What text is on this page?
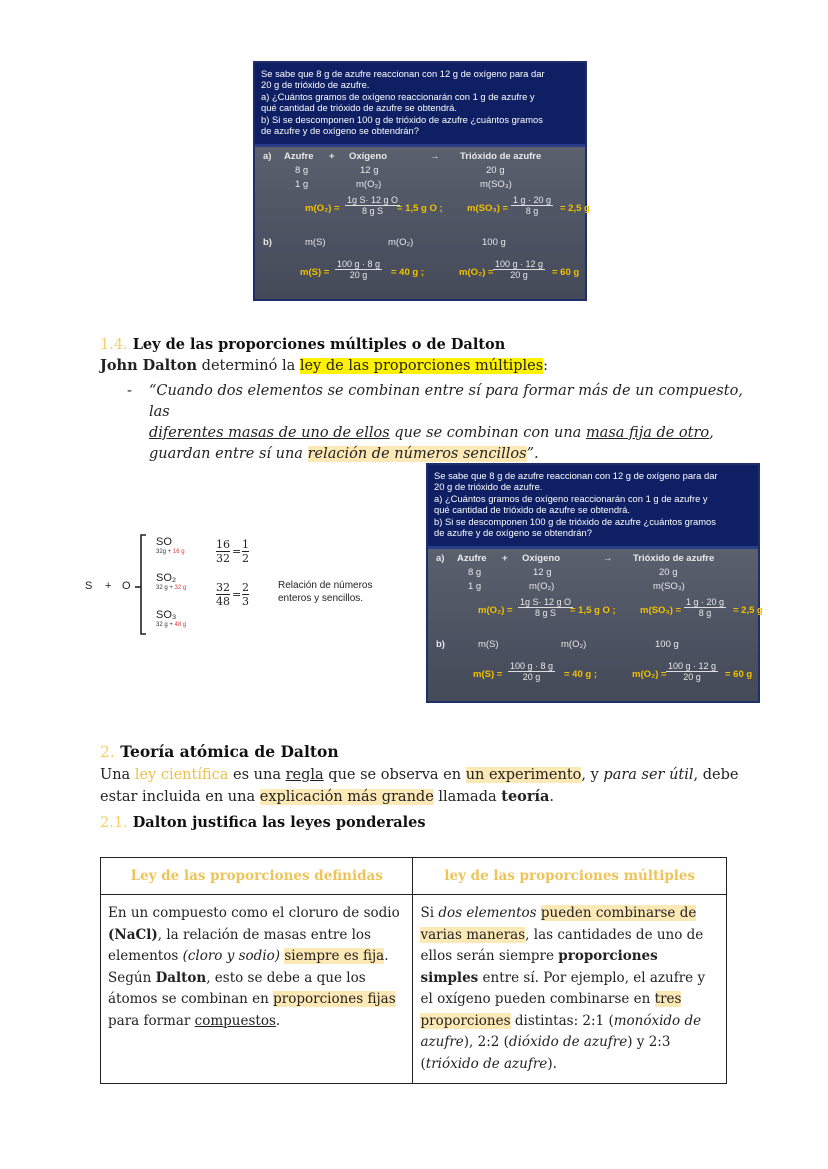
Se sabe que 8 g de azufre reaccionan con 12 g de oxígeno para dar
20 g de trióxido de azufre.
a) ¿Cuántos gramos de oxígeno reaccionarán con 1 g de azufre y
qué cantidad de trióxido de azufre se obtendrá.
b) Si se descomponen 100 g de trióxido de azufre ¿cuántos gramos
de azufre y de oxígeno se obtendrán?
a) Azufre + Oxígeno	→ Trióxido de azufre
8 g	12 g	20 g
1 g	m(O₂)	m(SO₃)
$m(O_2) = \frac{\text{1g S· 12 g O}}{\text{8 g S}}$
= 1,5 g O ;	$m(SO_3) = \frac{1 g \cdot 20 g}{8 g} = 2,5$ g
b)	m(S)	m(O₂)	100 g
$m(S) = \frac{100 g \cdot 8 g}{20 g} = 40$ g ;	$m(O_2) = \frac{100 g \cdot 12 g}{20 g} = 60$ g
1.4. Ley de las proporciones múltiples o de Dalton
John Dalton determinó la ley de las proporciones múltiples:
- “Cuando dos elementos se combinan entre sí para formar más de un compuesto, las
diferentes masas de uno de ellos que se combinan con una masa fija de otro,
guardan entre sí una relación de números sencillos”.
S + O
SO
32g + 16 g
SO₂
32 g + 32 g
SO₃
32 g + 48 g
$\frac{16}{32} = \frac{1}{2}$
$\frac{32}{48} = \frac{2}{3}$	Relación de números
enteros y sencillos.
Se sabe que 8 g de azufre reaccionan con 12 g de oxígeno para dar
20 g de trióxido de azufre.
a) ¿Cuántos gramos de oxígeno reaccionarán con 1 g de azufre y
qué cantidad de trióxido de azufre se obtendrá.
b) Si se descomponen 100 g de trióxido de azufre ¿cuántos gramos
de azufre y de oxígeno se obtendrán?
a) Azufre + Oxígeno	→ Trióxido de azufre
8 g	12 g	20 g
1 g	m(O₂)	m(SO₃)
$m(O_2) = \frac{\text{1g S· 12 g O}}{\text{8 g S}}$
= 1,5 g O ;	$m(SO_3) = \frac{1 g \cdot 20 g}{8 g} = 2,5$ g
b)	m(S)	m(O₂)	100 g
$m(S) = \frac{100 g \cdot 8 g}{20 g} = 40$ g ;	$m(O_2) = \frac{100 g \cdot 12 g}{20 g} = 60$ g
2. Teoría atómica de Dalton
Una ley científica es una regla que se observa en un experimento, y para ser útil, debe
estar incluida en una explicación más grande llamada teoría.
2.1. Dalton justifica las leyes ponderales
Ley de las proporciones definidas	ley de las proporciones múltiples
En un compuesto como el cloruro de sodio (NaCl), la relación de masas entre los elementos (cloro y sodio) siempre es fija. Según Dalton, esto se debe a que los átomos se combinan en proporciones fijas para formar compuestos.	Si dos elementos pueden combinarse de varias maneras, las cantidades de uno de ellos serán siempre proporciones simples entre sí. Por ejemplo, el azufre y el oxígeno pueden combinarse en tres proporciones distintas: 2:1 (monóxido de azufre), 2:2 (dióxido de azufre) y 2:3 (trióxido de azufre).
